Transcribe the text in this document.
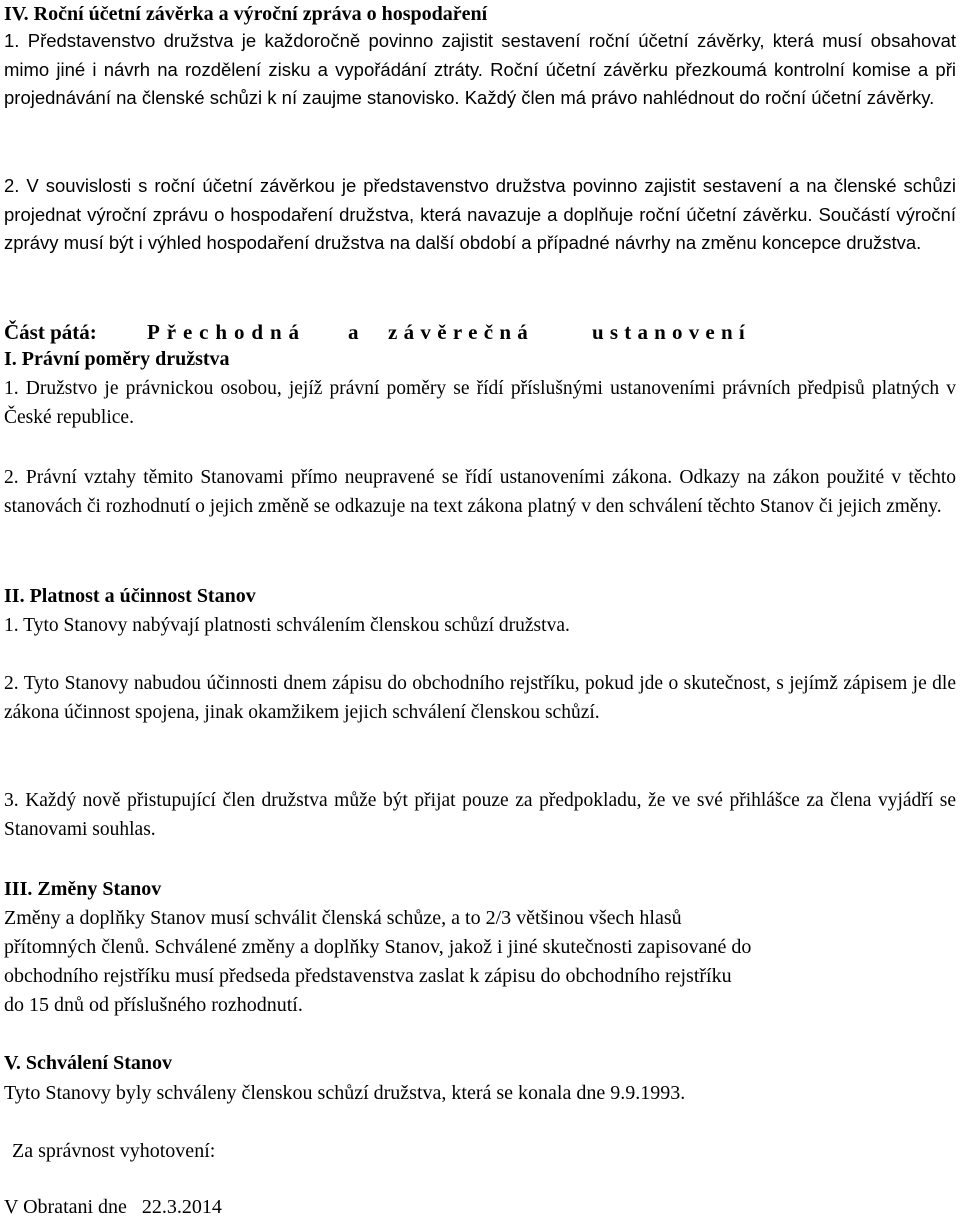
IV. Roční účetní závěrka a výroční zpráva o hospodaření

1. Představenstvo družstva je každoročně povinno zajistit sestavení roční účetní závěrky, která musí obsahovat mimo jiné i návrh na rozdělení zisku a vypořádání ztráty. Roční účetní závěrku přezkoumá kontrolní komise a při projednávání na členské schůzi k ní zaujme stanovisko. Každý člen má právo nahlédnout do roční účetní závěrky.

2. V souvislosti s roční účetní závěrkou je představenstvo družstva povinno zajistit sestavení a na členské schůzi projednat výroční zprávu o hospodaření družstva, která navazuje a doplňuje roční účetní závěrku. Součástí výroční zprávy musí být i výhled hospodaření družstva na další období a případné návrhy na změnu koncepce družstva.

Část pátá: Přechodná a závěrečná	ustanovení
I. Právní poměry družstva

1. Družstvo je právnickou osobou, jejíž právní poměry se řídí příslušnými ustanoveními právních předpisů platných v České republice.

2. Právní vztahy těmito Stanovami přímo neupravené se řídí ustanoveními zákona. Odkazy na zákon použité v těchto stanovách či rozhodnutí o jejich změně se odkazuje na text zákona platný v den schválení těchto Stanov či jejich změny.

II. Platnost a účinnost Stanov

1. Tyto Stanovy nabývají platnosti schválením členskou schůzí družstva.

2. Tyto Stanovy nabudou účinnosti dnem zápisu do obchodního rejstříku, pokud jde o skutečnost, s jejímž zápisem je dle zákona účinnost spojena, jinak okamžikem jejich schválení členskou schůzí.

3. Každý nově přistupující člen družstva může být přijat pouze za předpokladu, že ve své přihlášce za člena vyjádří se Stanovami souhlas.

III. Změny Stanov
Změny a doplňky Stanov musí schválit členská schůze, a to 2/3 většinou všech hlasů
přítomných členů. Schválené změny a doplňky Stanov, jakož i jiné skutečnosti zapisované do
obchodního rejstříku musí předseda představenstva zaslat k zápisu do obchodního rejstříku
do 15 dnů od příslušného rozhodnutí.
V. Schválení Stanov
Tyto Stanovy byly schváleny členskou schůzí družstva, která se konala dne 9.9.1993.
Za správnost vyhotovení:
V Obratani dne   22.3.2014
